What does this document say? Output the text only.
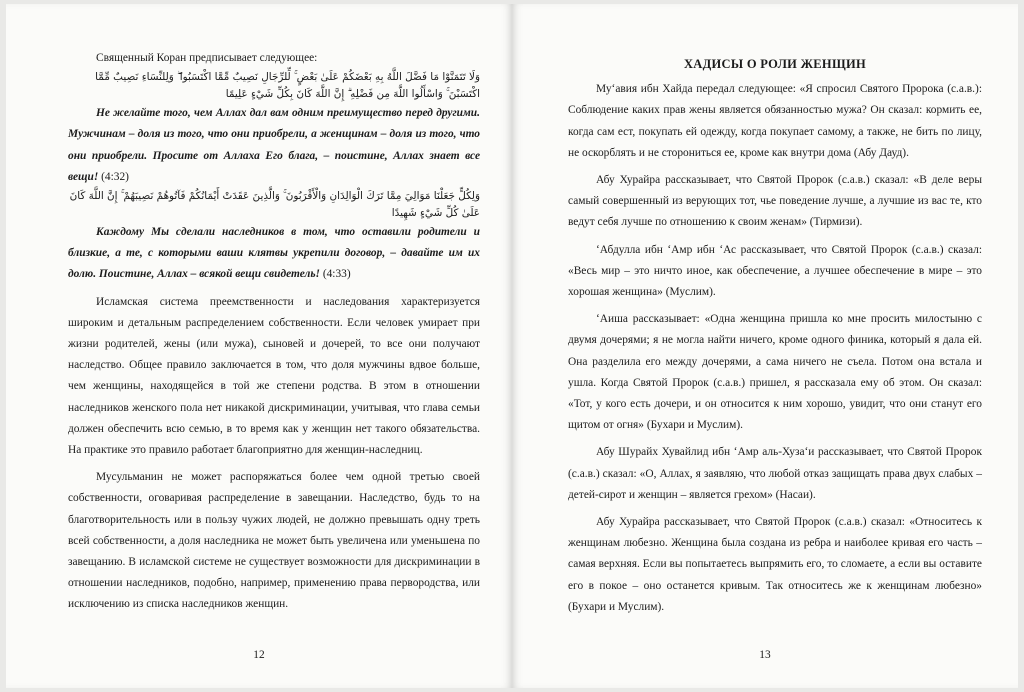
Священный Коран предписывает следующее:

وَلَا تَتَمَنَّوْا مَا فَضَّلَ اللَّهُ بِهِ بَعْضَكُمْ عَلَىٰ بَعْضٍ ۚ لِّلرِّجَالِ نَصِيبٌ مِّمَّا اكْتَسَبُوا ۖ وَلِلنِّسَاءِ نَصِيبٌ مِّمَّا اكْتَسَبْنَ ۚ وَاسْأَلُوا اللَّهَ مِن فَضْلِهِ ۗ إِنَّ اللَّهَ كَانَ بِكُلِّ شَيْءٍ عَلِيمًا

Не желайте того, чем Аллах дал вам одним преимущество перед другими. Мужчинам – доля из того, что они приобрели, а женщинам – доля из того, что они приобрели. Просите от Аллаха Его блага, – поистине, Аллах знает все вещи! (4:32)

وَلِكُلٍّ جَعَلْنَا مَوَالِيَ مِمَّا تَرَكَ الْوَالِدَانِ وَالْأَقْرَبُونَ ۚ وَالَّذِينَ عَقَدَتْ أَيْمَانُكُمْ فَآتُوهُمْ نَصِيبَهُمْ ۚ إِنَّ اللَّهَ كَانَ عَلَىٰ كُلِّ شَيْءٍ شَهِيدًا

Каждому Мы сделали наследников в том, что оставили родители и близкие, а те, с которыми ваши клятвы укрепили договор, – давайте им их долю. Поистине, Аллах – всякой вещи свидетель! (4:33)

Исламская система преемственности и наследования характеризуется широким и детальным распределением собственности. Если человек умирает при жизни родителей, жены (или мужа), сыновей и дочерей, то все они получают наследство. Общее правило заключается в том, что доля мужчины вдвое больше, чем женщины, находящейся в той же степени родства. В этом в отношении наследников женского пола нет никакой дискриминации, учитывая, что глава семьи должен обеспечить всю семью, в то время как у женщин нет такого обязательства. На практике это правило работает благоприятно для женщин-наследниц.

Мусульманин не может распоряжаться более чем одной третью своей собственности, оговаривая распределение в завещании. Наследство, будь то на благотворительность или в пользу чужих людей, не должно превышать одну треть всей собственности, а доля наследника не может быть увеличена или уменьшена по завещанию. В исламской системе не существует возможности для дискриминации в отношении наследников, подобно, например, применению права первородства, или исключению из списка наследников женщин.

12

ХАДИСЫ О РОЛИ ЖЕНЩИН

Му‘авия ибн Хайда передал следующее: «Я спросил Святого Пророка (с.а.в.): Соблюдение каких прав жены является обязанностью мужа? Он сказал: кормить ее, когда сам ест, покупать ей одежду, когда покупает самому, а также, не бить по лицу, не оскорблять и не сторониться ее, кроме как внутри дома (Абу Дауд).

Абу Хурайра рассказывает, что Святой Пророк (с.а.в.) сказал: «В деле веры самый совершенный из верующих тот, чье поведение лучше, а лучшие из вас те, кто ведут себя лучше по отношению к своим женам» (Тирмизи).

‘Абдулла ибн ‘Амр ибн ‘Ас рассказывает, что Святой Пророк (с.а.в.) сказал: «Весь мир – это ничто иное, как обеспечение, а лучшее обеспечение в мире – это хорошая женщина» (Муслим).

‘Аиша рассказывает: «Одна женщина пришла ко мне просить милостыню с двумя дочерями; я не могла найти ничего, кроме одного финика, который я дала ей. Она разделила его между дочерями, а сама ничего не съела. Потом она встала и ушла. Когда Святой Пророк (с.а.в.) пришел, я рассказала ему об этом. Он сказал: «Тот, у кого есть дочери, и он относится к ним хорошо, увидит, что они станут его щитом от огня» (Бухари и Муслим).

Абу Шурайх Хувайлид ибн ‘Амр аль-Хуза‘и рассказывает, что Святой Пророк (с.а.в.) сказал: «О, Аллах, я заявляю, что любой отказ защищать права двух слабых – детей-сирот и женщин – является грехом» (Насаи).

Абу Хурайра рассказывает, что Святой Пророк (с.а.в.) сказал: «Относитесь к женщинам любезно. Женщина была создана из ребра и наиболее кривая его часть – самая верхняя. Если вы попытаетесь выпрямить его, то сломаете, а если вы оставите его в покое – оно останется кривым. Так относитесь же к женщинам любезно» (Бухари и Муслим).

13
